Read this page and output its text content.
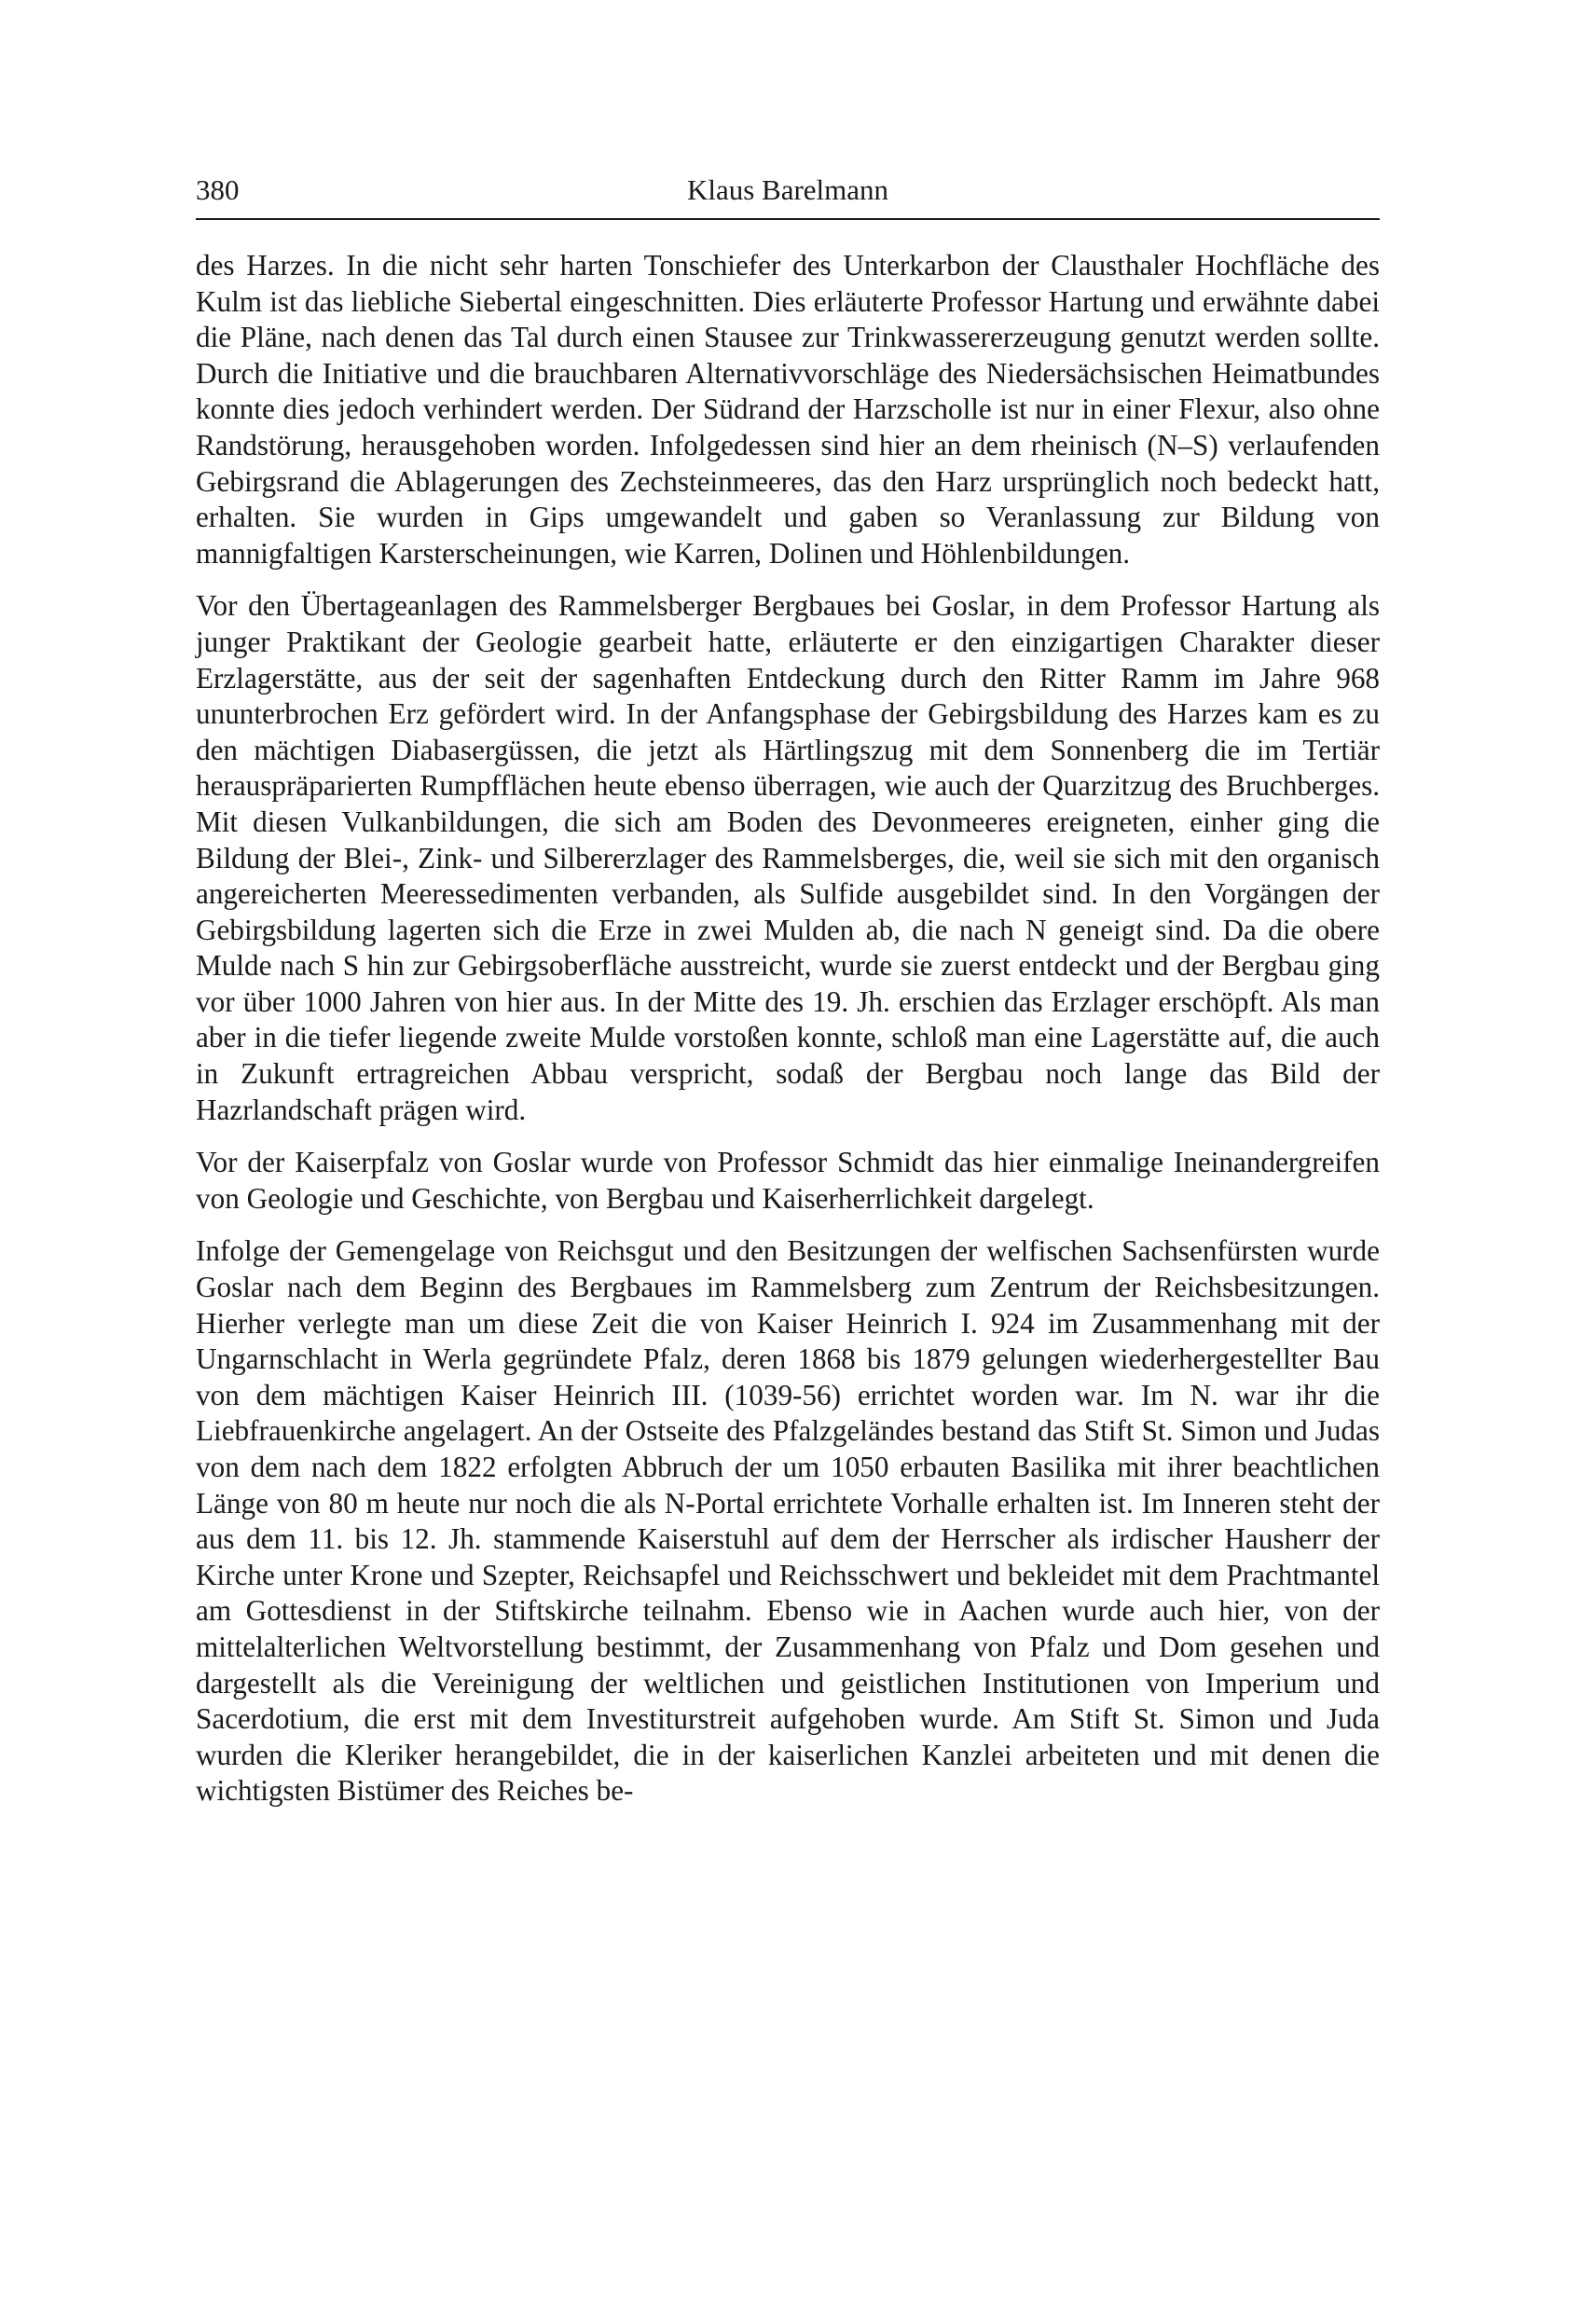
380	Klaus Barelmann

des Harzes. In die nicht sehr harten Tonschiefer des Unterkarbon der Clausthaler Hochfläche des Kulm ist das liebliche Siebertal eingeschnitten. Dies erläuterte Professor Hartung und erwähnte dabei die Pläne, nach denen das Tal durch einen Stausee zur Trinkwassererzeugung genutzt werden sollte. Durch die Initiative und die brauchbaren Alternativvorschläge des Niedersächsischen Heimatbundes konnte dies jedoch verhindert werden. Der Südrand der Harzscholle ist nur in einer Flexur, also ohne Randstörung, herausgehoben worden. Infolgedessen sind hier an dem rheinisch (N–S) verlaufenden Gebirgsrand die Ablagerungen des Zechsteinmeeres, das den Harz ursprünglich noch bedeckt hatt, erhalten. Sie wurden in Gips umgewandelt und gaben so Veranlassung zur Bildung von mannigfaltigen Karsterscheinungen, wie Karren, Dolinen und Höhlenbildungen.

Vor den Übertageanlagen des Rammelsberger Bergbaues bei Goslar, in dem Professor Hartung als junger Praktikant der Geologie gearbeit hatte, erläuterte er den einzigartigen Charakter dieser Erzlagerstätte, aus der seit der sagenhaften Entdeckung durch den Ritter Ramm im Jahre 968 ununterbrochen Erz gefördert wird. In der Anfangsphase der Gebirgsbildung des Harzes kam es zu den mächtigen Diabasergüssen, die jetzt als Härtlingszug mit dem Sonnenberg die im Tertiär herauspräparierten Rumpfflächen heute ebenso überragen, wie auch der Quarzitzug des Bruchberges. Mit diesen Vulkanbildungen, die sich am Boden des Devonmeeres ereigneten, einher ging die Bildung der Blei-, Zink- und Silbererzlager des Rammelsberges, die, weil sie sich mit den organisch angereicherten Meeressedimenten verbanden, als Sulfide ausgebildet sind. In den Vorgängen der Gebirgsbildung lagerten sich die Erze in zwei Mulden ab, die nach N geneigt sind. Da die obere Mulde nach S hin zur Gebirgsoberfläche ausstreicht, wurde sie zuerst entdeckt und der Bergbau ging vor über 1000 Jahren von hier aus. In der Mitte des 19. Jh. erschien das Erzlager erschöpft. Als man aber in die tiefer liegende zweite Mulde vorstoßen konnte, schloß man eine Lagerstätte auf, die auch in Zukunft ertragreichen Abbau verspricht, sodaß der Bergbau noch lange das Bild der Hazrlandschaft prägen wird.

Vor der Kaiserpfalz von Goslar wurde von Professor Schmidt das hier einmalige Ineinandergreifen von Geologie und Geschichte, von Bergbau und Kaiserherrlichkeit dargelegt.

Infolge der Gemengelage von Reichsgut und den Besitzungen der welfischen Sachsenfürsten wurde Goslar nach dem Beginn des Bergbaues im Rammelsberg zum Zentrum der Reichsbesitzungen. Hierher verlegte man um diese Zeit die von Kaiser Heinrich I. 924 im Zusammenhang mit der Ungarnschlacht in Werla gegründete Pfalz, deren 1868 bis 1879 gelungen wiederhergestellter Bau von dem mächtigen Kaiser Heinrich III. (1039-56) errichtet worden war. Im N. war ihr die Liebfrauenkirche angelagert. An der Ostseite des Pfalzgeländes bestand das Stift St. Simon und Judas von dem nach dem 1822 erfolgten Abbruch der um 1050 erbauten Basilika mit ihrer beachtlichen Länge von 80 m heute nur noch die als N-Portal errichtete Vorhalle erhalten ist. Im Inneren steht der aus dem 11. bis 12. Jh. stammende Kaiserstuhl auf dem der Herrscher als irdischer Hausherr der Kirche unter Krone und Szepter, Reichsapfel und Reichsschwert und bekleidet mit dem Prachtmantel am Gottesdienst in der Stiftskirche teilnahm. Ebenso wie in Aachen wurde auch hier, von der mittelalterlichen Weltvorstellung bestimmt, der Zusammenhang von Pfalz und Dom gesehen und dargestellt als die Vereinigung der weltlichen und geistlichen Institutionen von Imperium und Sacerdotium, die erst mit dem Investiturstreit aufgehoben wurde. Am Stift St. Simon und Juda wurden die Kleriker herangebildet, die in der kaiserlichen Kanzlei arbeiteten und mit denen die wichtigsten Bistümer des Reiches be-
